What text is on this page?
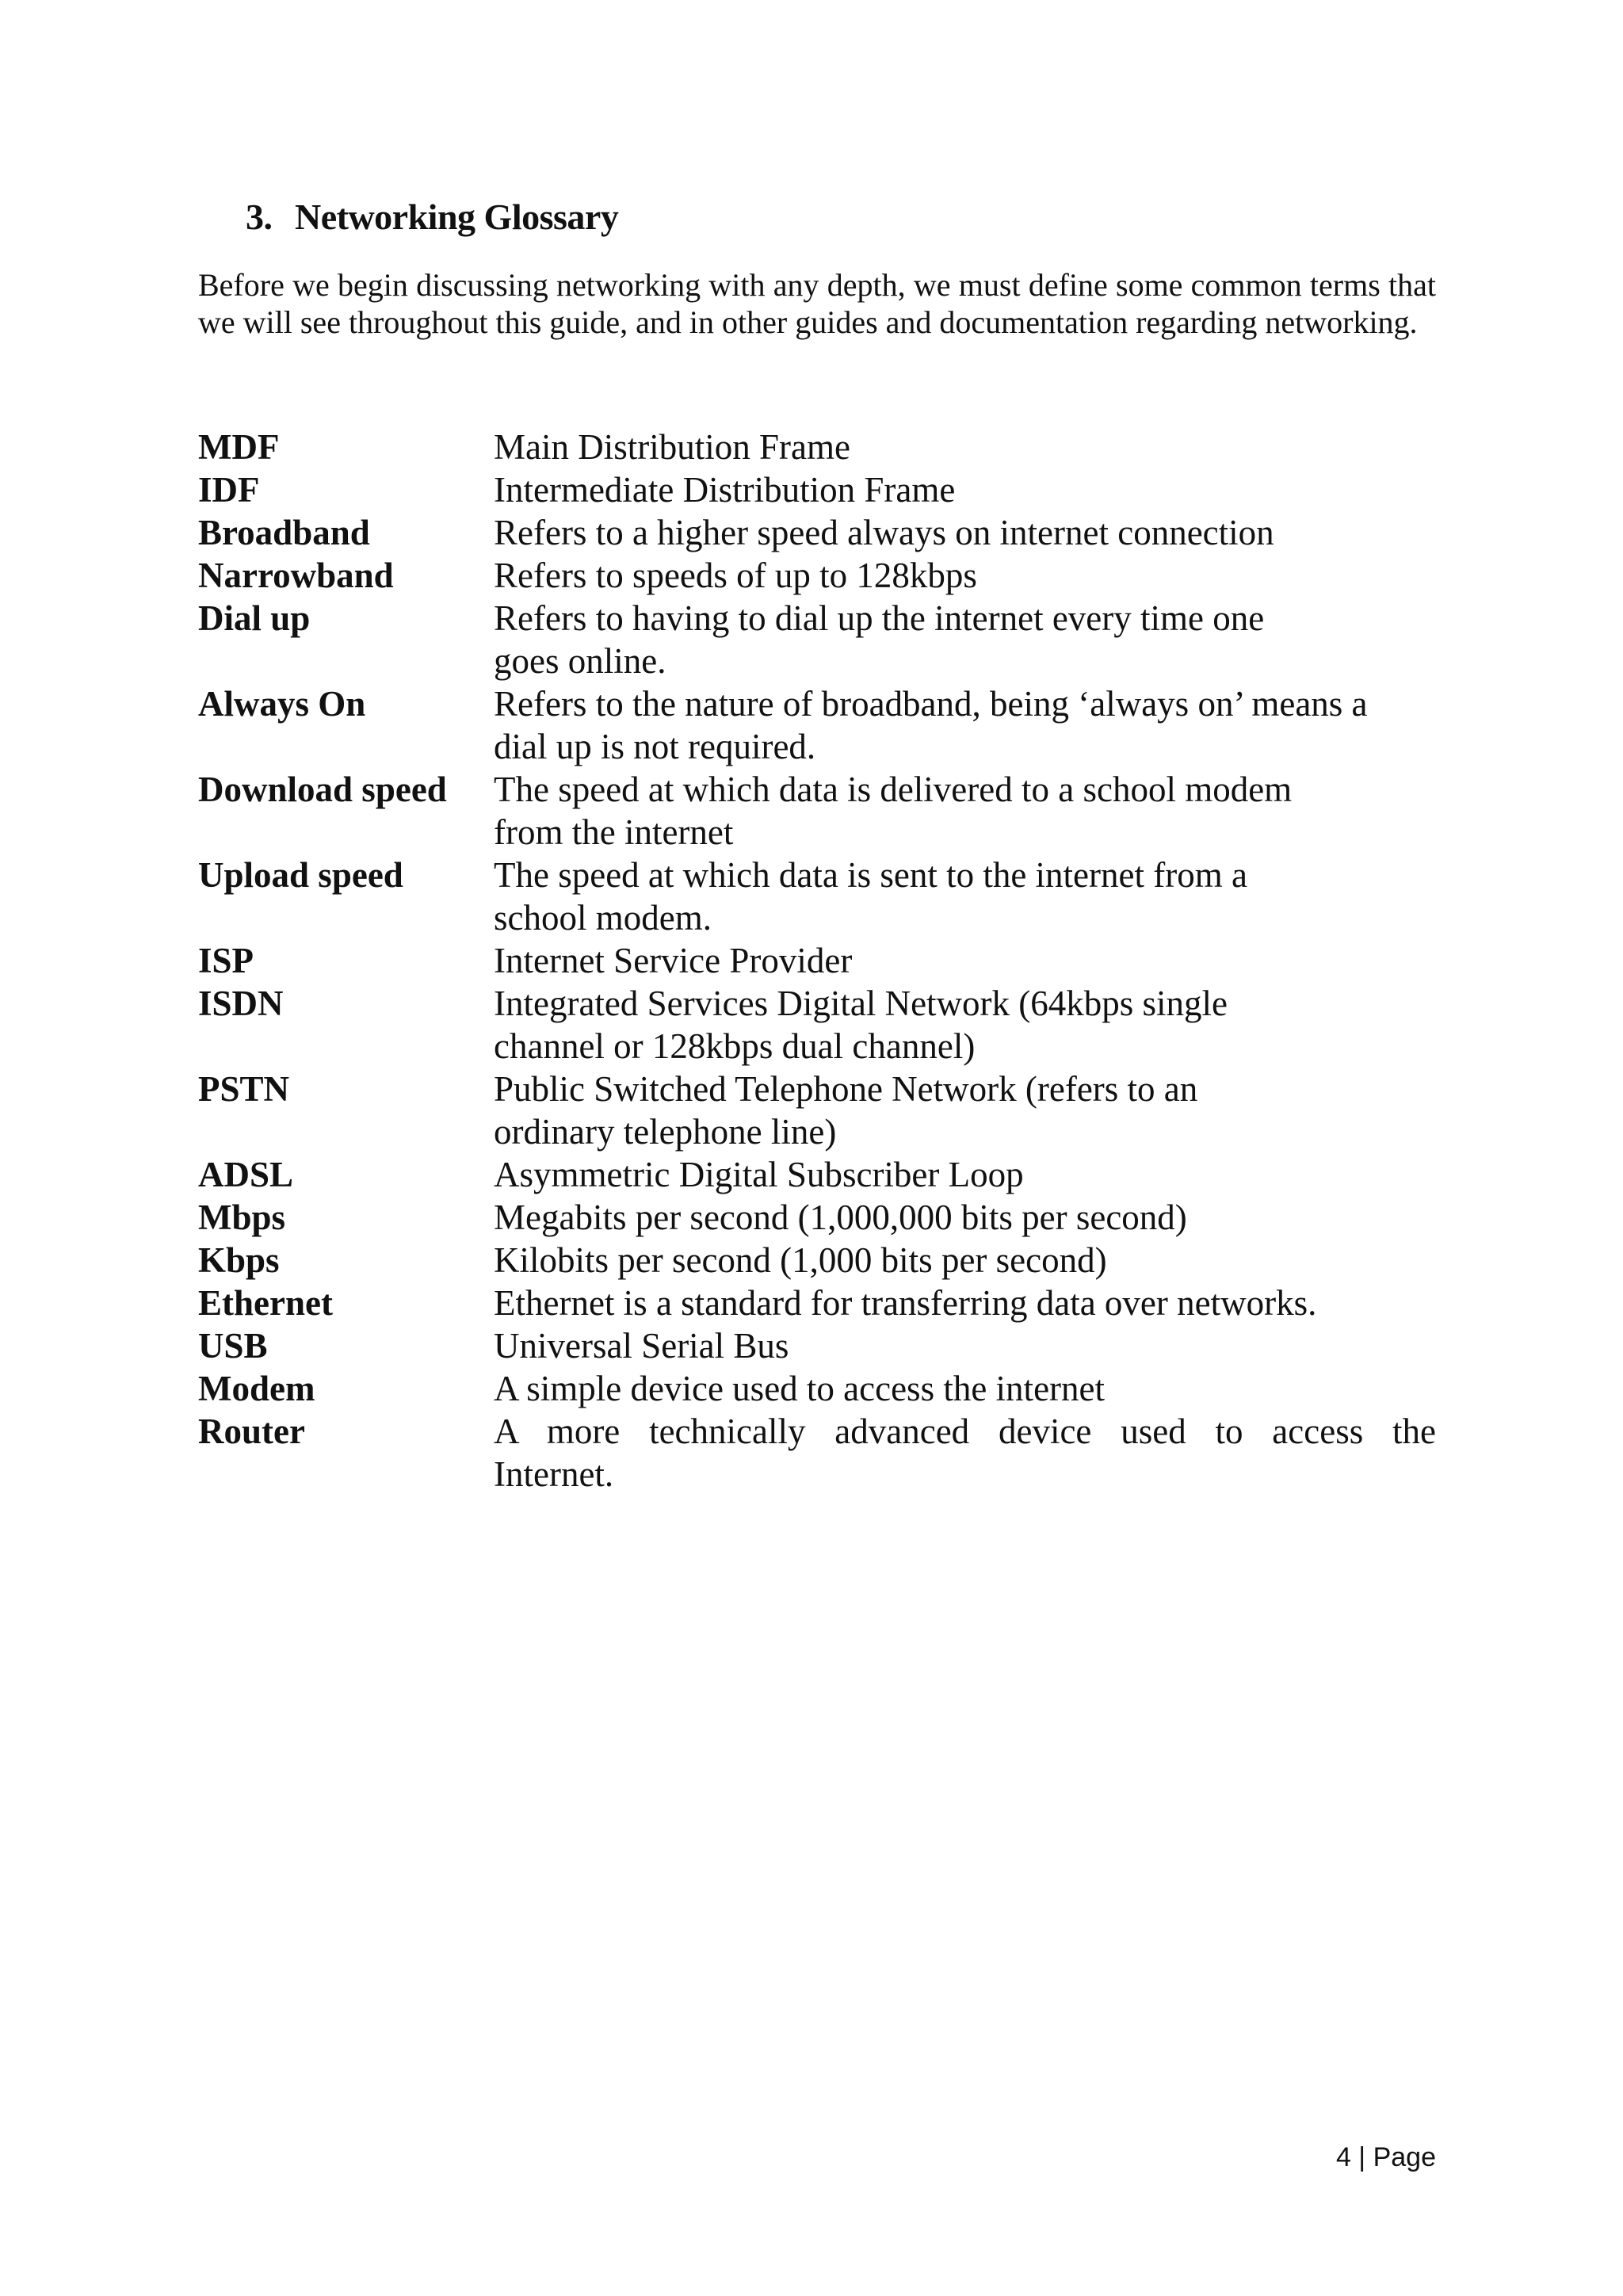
3. Networking Glossary

Before we begin discussing networking with any depth, we must define some common terms that we will see throughout this guide, and in other guides and documentation regarding networking.

MDF	Main Distribution Frame
IDF	Intermediate Distribution Frame
Broadband	Refers to a higher speed always on internet connection
Narrowband	Refers to speeds of up to 128kbps
Dial up	Refers to having to dial up the internet every time one
goes online.
Always On	Refers to the nature of broadband, being ‘always on’ means a
dial up is not required.
Download speed	The speed at which data is delivered to a school modem
from the internet
Upload speed	The speed at which data is sent to the internet from a
school modem.
ISP	Internet Service Provider
ISDN	Integrated Services Digital Network (64kbps single
channel or 128kbps dual channel)
PSTN	Public Switched Telephone Network (refers to an
ordinary telephone line)
ADSL	Asymmetric Digital Subscriber Loop
Mbps	Megabits per second (1,000,000 bits per second)
Kbps	Kilobits per second (1,000 bits per second)
Ethernet	Ethernet is a standard for transferring data over networks.
USB	Universal Serial Bus
Modem	A simple device used to access the internet
Router	A more technically advanced device used to access the
Internet.
4 | Page
